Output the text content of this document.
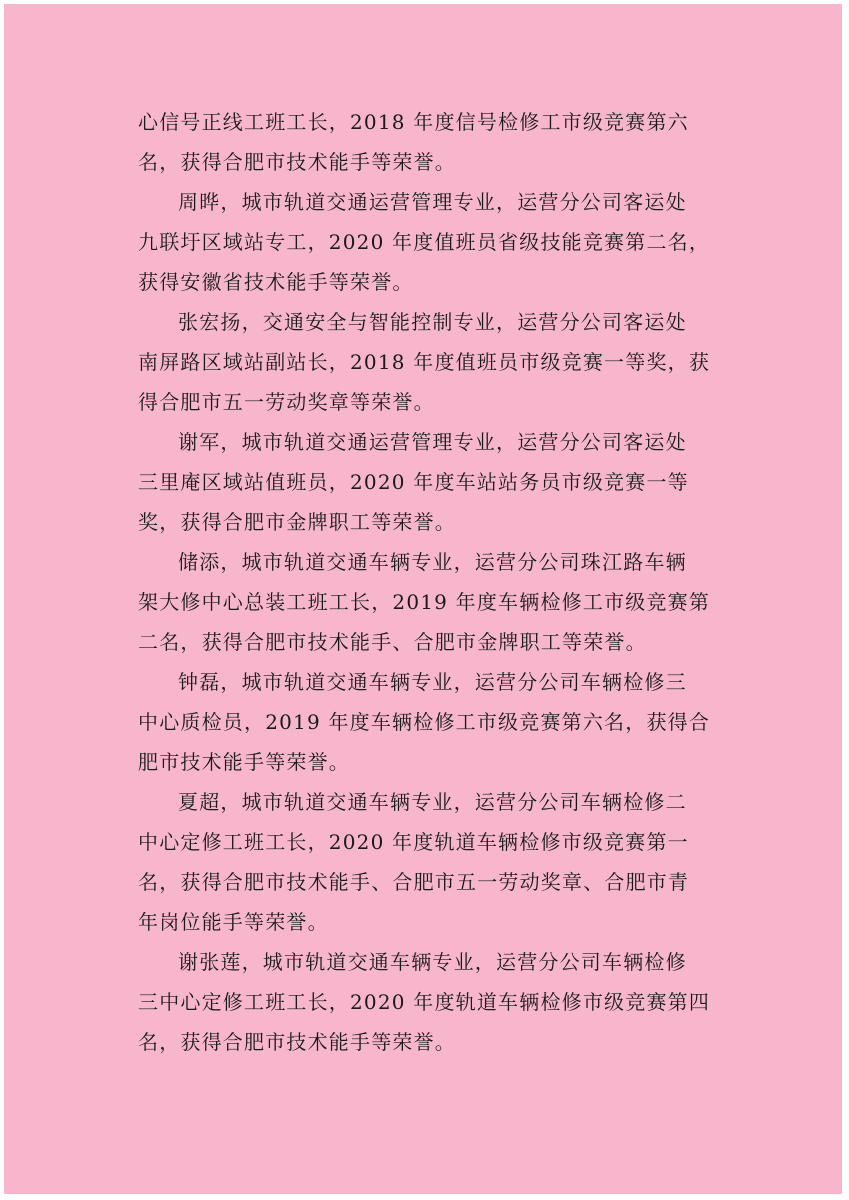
心信号正线工班工长，2018 年度信号检修工市级竞赛第六
名，获得合肥市技术能手等荣誉。
周晔，城市轨道交通运营管理专业，运营分公司客运处
九联圩区域站专工，2020 年度值班员省级技能竞赛第二名，
获得安徽省技术能手等荣誉。
张宏扬，交通安全与智能控制专业，运营分公司客运处
南屏路区域站副站长，2018 年度值班员市级竞赛一等奖，获
得合肥市五一劳动奖章等荣誉。
谢军，城市轨道交通运营管理专业，运营分公司客运处
三里庵区域站值班员，2020 年度车站站务员市级竞赛一等
奖，获得合肥市金牌职工等荣誉。
储添，城市轨道交通车辆专业，运营分公司珠江路车辆
架大修中心总装工班工长，2019 年度车辆检修工市级竞赛第
二名，获得合肥市技术能手、合肥市金牌职工等荣誉。
钟磊，城市轨道交通车辆专业，运营分公司车辆检修三
中心质检员，2019 年度车辆检修工市级竞赛第六名，获得合
肥市技术能手等荣誉。
夏超，城市轨道交通车辆专业，运营分公司车辆检修二
中心定修工班工长，2020 年度轨道车辆检修市级竞赛第一
名，获得合肥市技术能手、合肥市五一劳动奖章、合肥市青
年岗位能手等荣誉。
谢张莲，城市轨道交通车辆专业，运营分公司车辆检修
三中心定修工班工长，2020 年度轨道车辆检修市级竞赛第四
名，获得合肥市技术能手等荣誉。
